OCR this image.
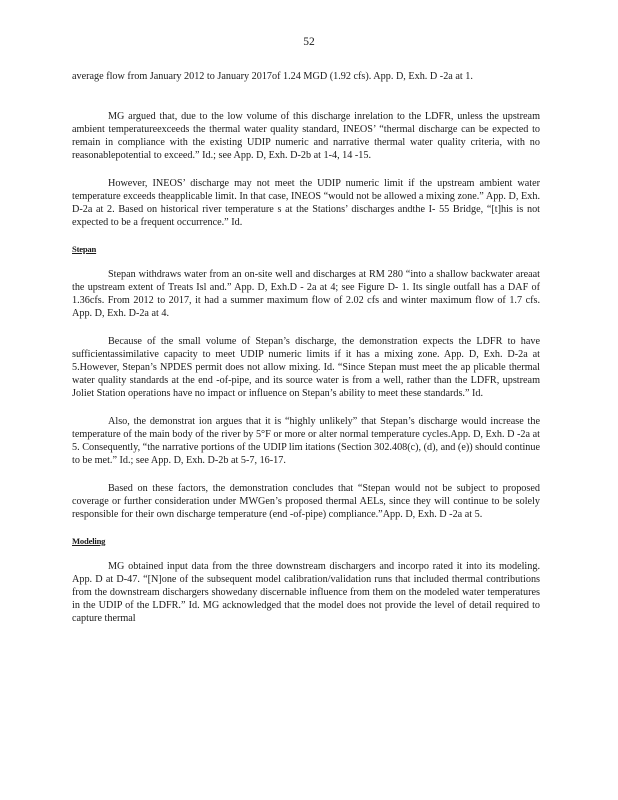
52

average flow from January 2012 to January 2017of 1.24 MGD (1.92 cfs). App. D, Exh. D -2a at 1.

MG argued that, due to the low volume of this discharge inrelation to the LDFR, unless the upstream ambient temperatureexceeds the thermal water quality standard, INEOS’ “thermal discharge can be expected to remain in compliance with the existing UDIP numeric and narrative thermal water quality criteria, with no reasonablepotential to exceed.” Id.; see App. D, Exh. D-2b at 1-4, 14 -15.

However, INEOS’ discharge may not meet the UDIP numeric limit if the upstream ambient water temperature exceeds theapplicable limit. In that case, INEOS “would not be allowed a mixing zone.” App. D, Exh. D-2a at 2. Based on historical river temperature s at the Stations’ discharges andthe I- 55 Bridge, “[t]his is not expected to be a frequent occurrence.” Id.

Stepan

Stepan withdraws water from an on-site well and discharges at RM 280 “into a shallow backwater areaat the upstream extent of Treats Isl and.” App. D, Exh.D - 2a at 4; see Figure D- 1. Its single outfall has a DAF of 1.36cfs. From 2012 to 2017, it had a summer maximum flow of 2.02 cfs and winter maximum flow of 1.7 cfs. App. D, Exh. D-2a at 4.

Because of the small volume of Stepan’s discharge, the demonstration expects the LDFR to have sufficientassimilative capacity to meet UDIP numeric limits if it has a mixing zone. App. D, Exh. D-2a at 5.However, Stepan’s NPDES permit does not allow mixing. Id. “Since Stepan must meet the ap plicable thermal water quality standards at the end -of-pipe, and its source water is from a well, rather than the LDFR, upstream Joliet Station operations have no impact or influence on Stepan’s ability to meet these standards.” Id.

Also, the demonstrat ion argues that it is “highly unlikely” that Stepan’s discharge would increase the temperature of the main body of the river by 5°F or more or alter normal temperature cycles.App. D, Exh. D -2a at 5. Consequently, “the narrative portions of the UDIP lim itations (Section 302.408(c), (d), and (e)) should continue to be met.” Id.; see App. D, Exh. D-2b at 5-7, 16-17.

Based on these factors, the demonstration concludes that “Stepan would not be subject to proposed coverage or further consideration under MWGen’s proposed thermal AELs, since they will continue to be solely responsible for their own discharge temperature (end -of-pipe) compliance.”App. D, Exh. D -2a at 5.

Modeling

MG obtained input data from the three downstream dischargers and incorpo rated it into its modeling. App. D at D-47. “[N]one of the subsequent model calibration/validation runs that included thermal contributions from the downstream dischargers showedany discernable influence from them on the modeled water temperatures in the UDIP of the LDFR.” Id. MG acknowledged that the model does not provide the level of detail required to capture thermal
